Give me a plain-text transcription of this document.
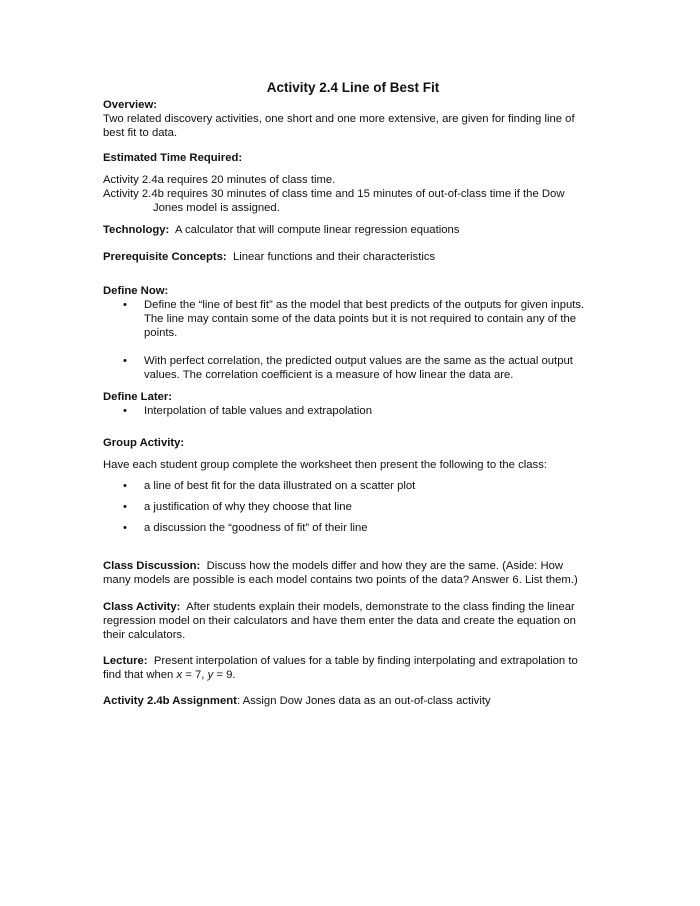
Activity 2.4 Line of Best Fit

Overview:

Two related discovery activities, one short and one more extensive, are given for finding line of best fit to data.

Estimated Time Required:

Activity 2.4a requires 20 minutes of class time.

Activity 2.4b requires 30 minutes of class time and 15 minutes of out-of-class time if the Dow Jones model is assigned.

Technology: A calculator that will compute linear regression equations

Prerequisite Concepts: Linear functions and their characteristics

Define Now:

• Define the “line of best fit” as the model that best predicts of the outputs for given inputs. The line may contain some of the data points but it is not required to contain any of the points.
• With perfect correlation, the predicted output values are the same as the actual output values. The correlation coefficient is a measure of how linear the data are.

Define Later:

• Interpolation of table values and extrapolation

Group Activity:

Have each student group complete the worksheet then present the following to the class:

• a line of best fit for the data illustrated on a scatter plot
• a justification of why they choose that line
• a discussion the “goodness of fit” of their line

Class Discussion: Discuss how the models differ and how they are the same. (Aside: How many models are possible is each model contains two points of the data? Answer 6. List them.)

Class Activity: After students explain their models, demonstrate to the class finding the linear regression model on their calculators and have them enter the data and create the equation on their calculators.

Lecture: Present interpolation of values for a table by finding interpolating and extrapolation to find that when x = 7, y = 9.

Activity 2.4b Assignment: Assign Dow Jones data as an out-of-class activity
